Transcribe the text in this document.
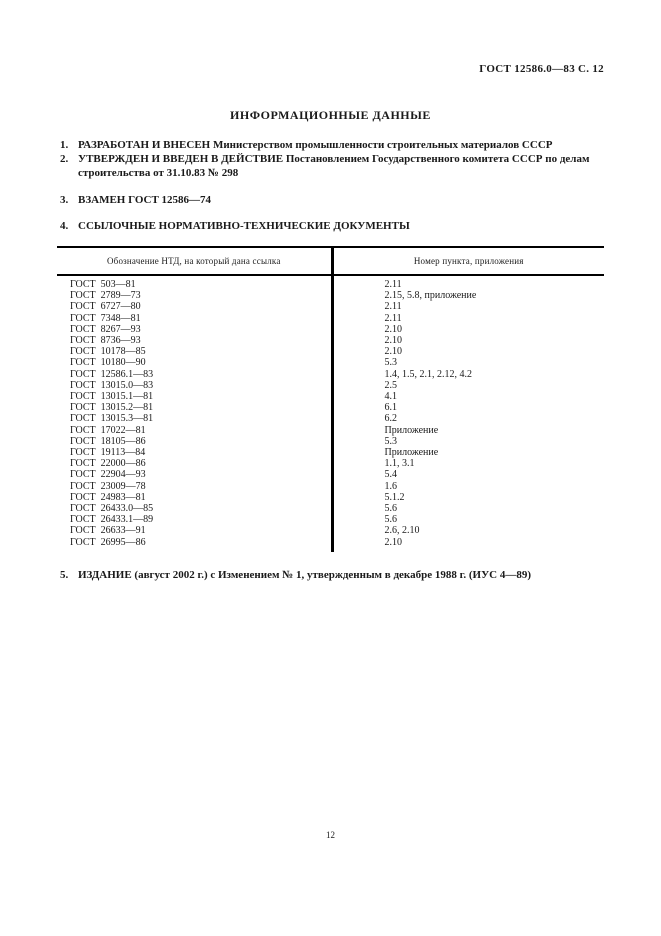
ГОСТ 12586.0—83 С. 12

ИНФОРМАЦИОННЫЕ ДАННЫЕ
1. РАЗРАБОТАН И ВНЕСЕН Министерством промышленности строительных материалов СССР
2. УТВЕРЖДЕН И ВВЕДЕН В ДЕЙСТВИЕ Постановлением Государственного комитета СССР по делам строительства от 31.10.83 № 298
3. ВЗАМЕН ГОСТ 12586—74
4. ССЫЛОЧНЫЕ НОРМАТИВНО-ТЕХНИЧЕСКИЕ ДОКУМЕНТЫ
Обозначение НТД, на который дана ссылка	Номер пункта, приложения
ГОСТ  503—81	2.11
ГОСТ  2789—73	2.15, 5.8, приложение
ГОСТ  6727—80	2.11
ГОСТ  7348—81	2.11
ГОСТ  8267—93	2.10
ГОСТ  8736—93	2.10
ГОСТ  10178—85	2.10
ГОСТ  10180—90	5.3
ГОСТ  12586.1—83	1.4, 1.5, 2.1, 2.12, 4.2
ГОСТ  13015.0—83	2.5
ГОСТ  13015.1—81	4.1
ГОСТ  13015.2—81	6.1
ГОСТ  13015.3—81	6.2
ГОСТ  17022—81	Приложение
ГОСТ  18105—86	5.3
ГОСТ  19113—84	Приложение
ГОСТ  22000—86	1.1, 3.1
ГОСТ  22904—93	5.4
ГОСТ  23009—78	1.6
ГОСТ  24983—81	5.1.2
ГОСТ  26433.0—85	5.6
ГОСТ  26433.1—89	5.6
ГОСТ  26633—91	2.6, 2.10
ГОСТ  26995—86	2.10
5. ИЗДАНИЕ (август 2002 г.) с Изменением № 1, утвержденным в декабре 1988 г. (ИУС 4—89)
12
